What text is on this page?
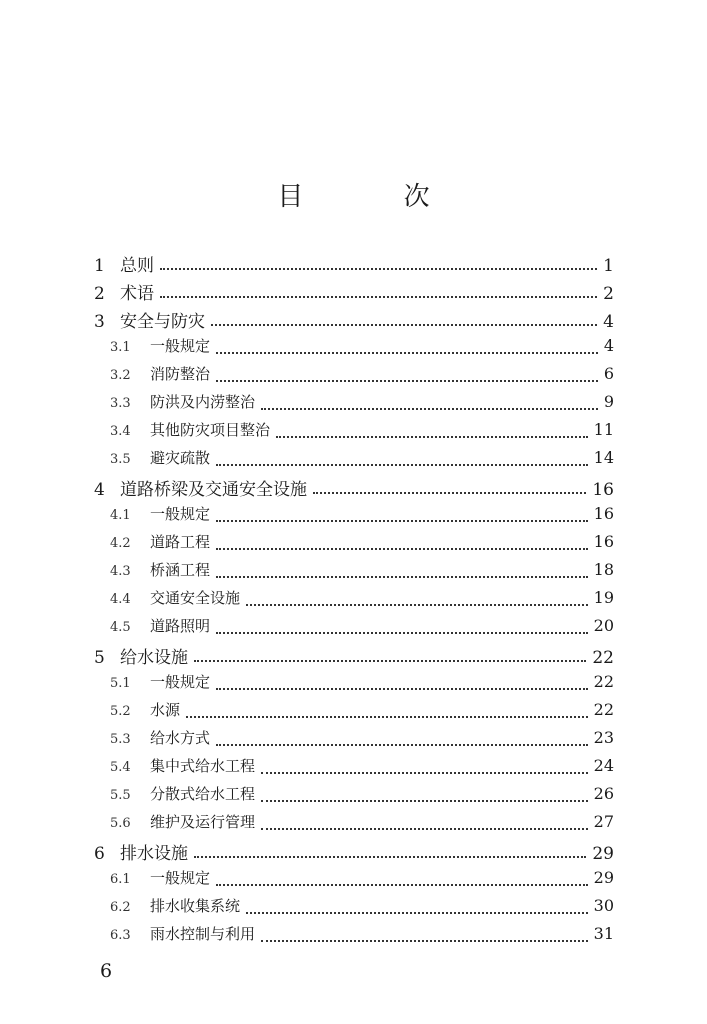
目 次
1 总则	1
2 术语	2
3 安全与防灾	4
3.1	一般规定	4
3.2	消防整治	6
3.3	防洪及内涝整治	9
3.4	其他防灾项目整治	11
3.5	避灾疏散	14
4 道路桥梁及交通安全设施	16
4.1	一般规定	16
4.2	道路工程	16
4.3	桥涵工程	18
4.4	交通安全设施	19
4.5	道路照明	20
5 给水设施	22
5.1	一般规定	22
5.2	水源	22
5.3	给水方式	23
5.4	集中式给水工程	24
5.5	分散式给水工程	26
5.6	维护及运行管理	27
6 排水设施	29
6.1	一般规定	29
6.2	排水收集系统	30
6.3	雨水控制与利用	31
6
